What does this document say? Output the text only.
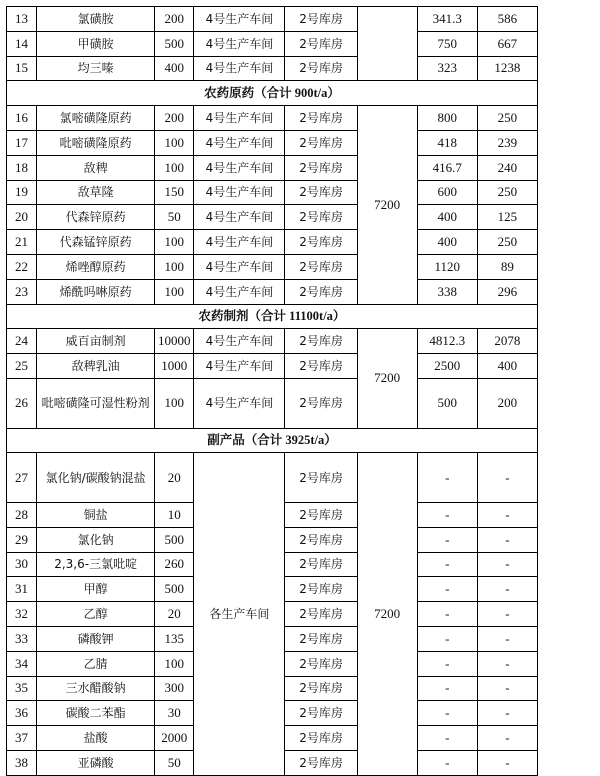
13	氯磺胺	200	4号生产车间	2号库房		341.3	586
14	甲磺胺	500	4号生产车间	2号库房		750	667
15	均三嗪	400	4号生产车间	2号库房		323	1238
农药原药（合计 900t/a）						
16	氯嘧磺隆原药	200	4号生产车间	2号库房	7200	800	250
17	吡嘧磺隆原药	100	4号生产车间	2号库房		418	239
18	敌稗	100	4号生产车间	2号库房		416.7	240
19	敌草隆	150	4号生产车间	2号库房		600	250
20	代森锌原药	50	4号生产车间	2号库房		400	125
21	代森锰锌原药	100	4号生产车间	2号库房		400	250
22	烯唑醇原药	100	4号生产车间	2号库房		1120	89
23	烯酰吗啉原药	100	4号生产车间	2号库房		338	296
农药制剂（合计 11100t/a）						
24	威百亩制剂	10000	4号生产车间	2号库房	7200	4812.3	2078
25	敌稗乳油	1000	4号生产车间	2号库房		2500	400
26	吡嘧磺隆可湿性粉剂	100	4号生产车间	2号库房		500	200
副产品（合计 3925t/a）						
27	氯化钠/碳酸钠混盐	20	各生产车间	2号库房	7200	-	-
28	铜盐	10		2号库房		-	-
29	氯化钠	500		2号库房		-	-
30	2,3,6-三氯吡啶	260		2号库房		-	-
31	甲醇	500		2号库房		-	-
32	乙醇	20		2号库房		-	-
33	磷酸钾	135		2号库房		-	-
34	乙腈	100		2号库房		-	-
35	三水醋酸钠	300		2号库房		-	-
36	碳酸二苯酯	30		2号库房		-	-
37	盐酸	2000		2号库房		-	-
38	亚磷酸	50		2号库房		-	-
